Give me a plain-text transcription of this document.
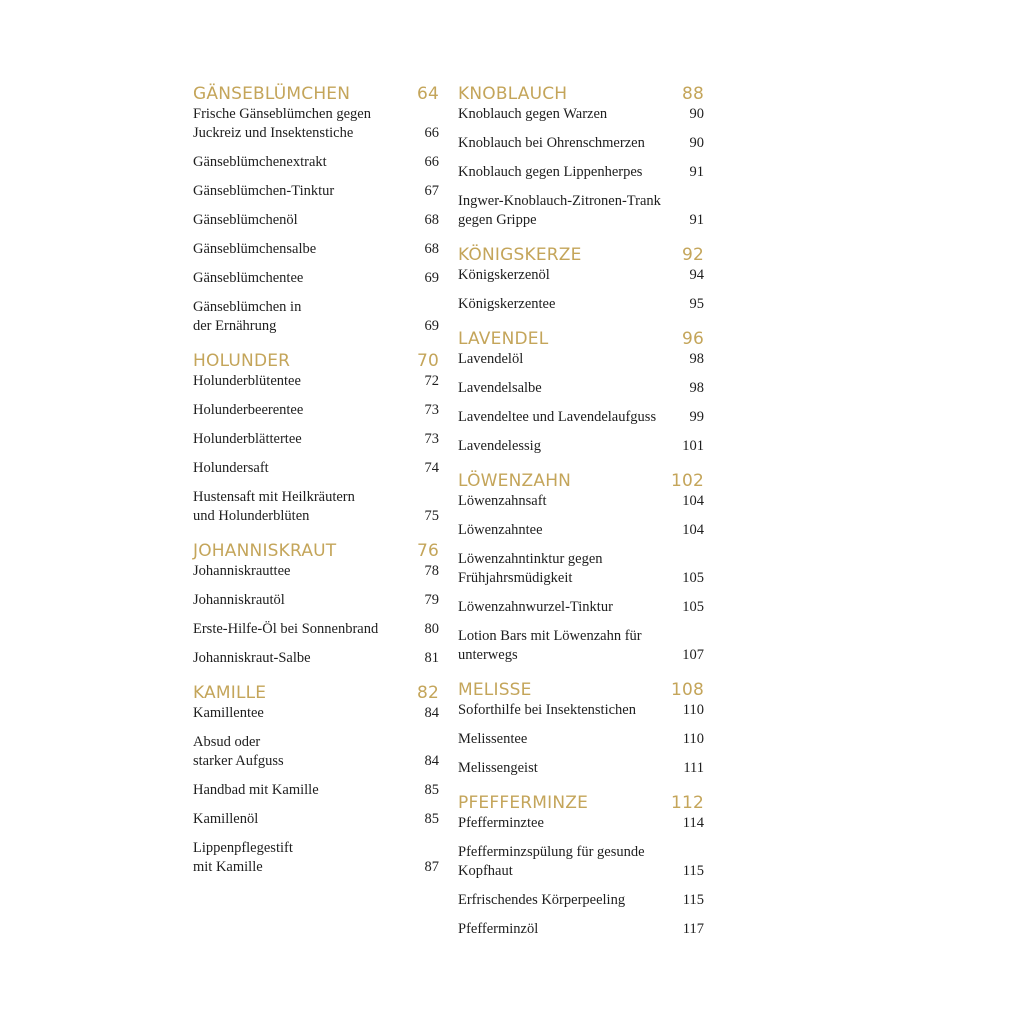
GÄNSEBLÜMCHEN	64
Frische Gänseblümchen gegen
Juckreiz und Insektenstiche	66
Gänseblümchenextrakt	66
Gänseblümchen-Tinktur	67
Gänseblümchenöl	68
Gänseblümchensalbe	68
Gänseblümchentee	69
Gänseblümchen in
der Ernährung	69
HOLUNDER	70
Holunderblütentee	72
Holunderbeerentee	73
Holunderblättertee	73
Holundersaft	74
Hustensaft mit Heilkräutern
und Holunderblüten	75
JOHANNISKRAUT	76
Johanniskrauttee	78
Johanniskrautöl	79
Erste-Hilfe-Öl bei Sonnenbrand	80
Johanniskraut-Salbe	81
KAMILLE	82
Kamillentee	84
Absud oder
starker Aufguss	84
Handbad mit Kamille	85
Kamillenöl	85
Lippenpflegestift
mit Kamille	87
KNOBLAUCH	88
Knoblauch gegen Warzen	90
Knoblauch bei Ohrenschmerzen	90
Knoblauch gegen Lippenherpes	91
Ingwer-Knoblauch-Zitronen-Trank
gegen Grippe	91
KÖNIGSKERZE	92
Königskerzenöl	94
Königskerzentee	95
LAVENDEL	96
Lavendelöl	98
Lavendelsalbe	98
Lavendeltee und Lavendelaufguss	99
Lavendelessig	101
LÖWENZAHN	102
Löwenzahnsaft	104
Löwenzahntee	104
Löwenzahntinktur gegen
Frühjahrsmüdigkeit	105
Löwenzahnwurzel-Tinktur	105
Lotion Bars mit Löwenzahn für
unterwegs	107
MELISSE	108
Soforthilfe bei Insektenstichen	110
Melissentee	110
Melissengeist	111
PFEFFERMINZE	112
Pfefferminztee	114
Pfefferminzspülung für gesunde
Kopfhaut	115
Erfrischendes Körperpeeling	115
Pfefferminzöl	117
